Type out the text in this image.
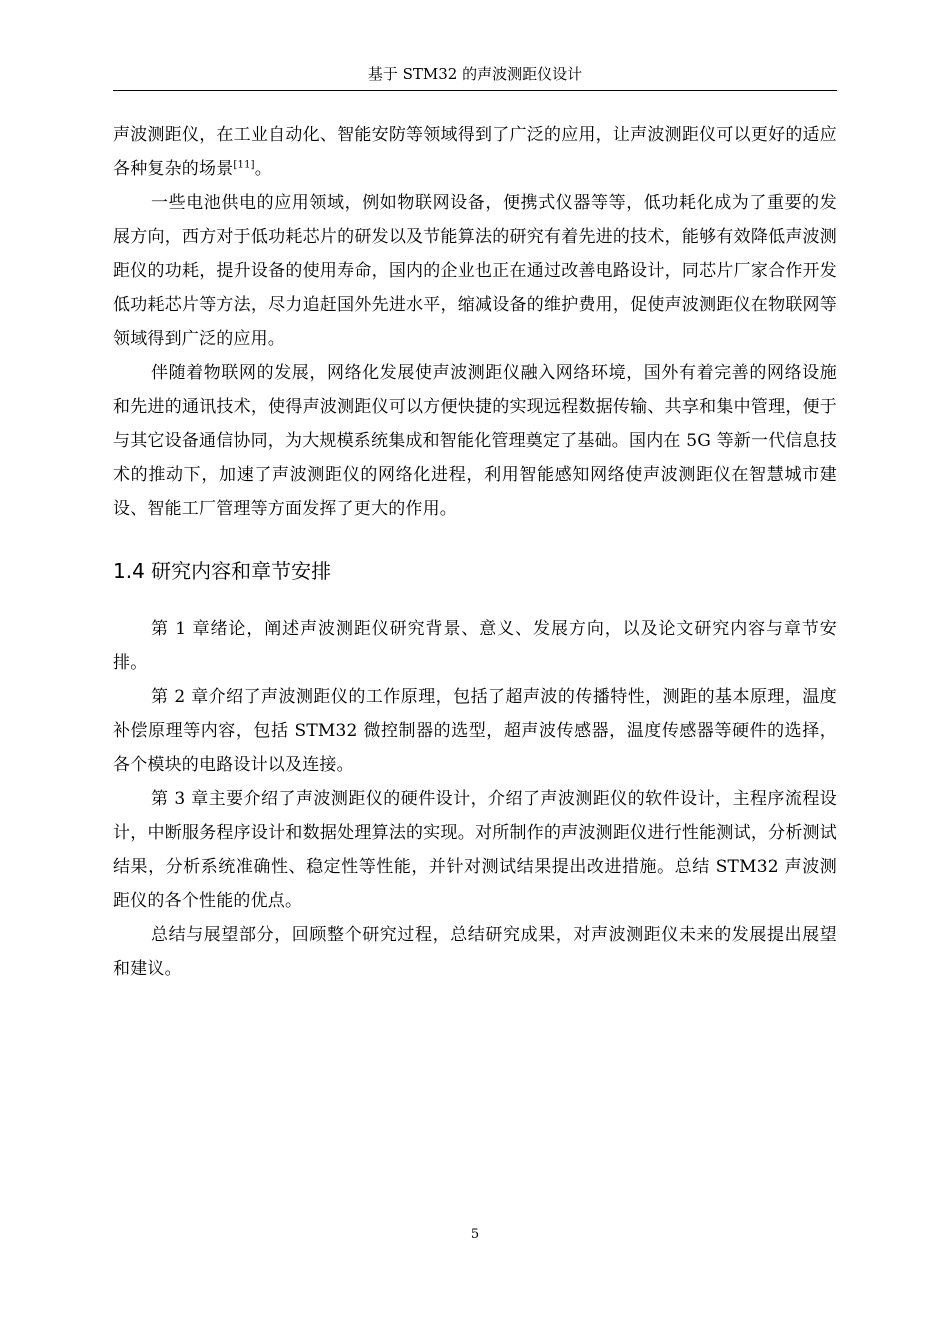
基于 STM32 的声波测距仪设计

声波测距仪，在工业自动化、智能安防等领域得到了广泛的应用，让声波测距仪可以更好的适应各种复杂的场景[11]。

一些电池供电的应用领域，例如物联网设备，便携式仪器等等，低功耗化成为了重要的发展方向，西方对于低功耗芯片的研发以及节能算法的研究有着先进的技术，能够有效降低声波测距仪的功耗，提升设备的使用寿命，国内的企业也正在通过改善电路设计，同芯片厂家合作开发低功耗芯片等方法，尽力追赶国外先进水平，缩减设备的维护费用，促使声波测距仪在物联网等领域得到广泛的应用。

伴随着物联网的发展，网络化发展使声波测距仪融入网络环境，国外有着完善的网络设施和先进的通讯技术，使得声波测距仪可以方便快捷的实现远程数据传输、共享和集中管理，便于与其它设备通信协同，为大规模系统集成和智能化管理奠定了基础。国内在 5G 等新一代信息技术的推动下，加速了声波测距仪的网络化进程，利用智能感知网络使声波测距仪在智慧城市建设、智能工厂管理等方面发挥了更大的作用。

1.4 研究内容和章节安排

第 1 章绪论，阐述声波测距仪研究背景、意义、发展方向，以及论文研究内容与章节安排。

第 2 章介绍了声波测距仪的工作原理，包括了超声波的传播特性，测距的基本原理，温度补偿原理等内容，包括 STM32 微控制器的选型，超声波传感器，温度传感器等硬件的选择，各个模块的电路设计以及连接。

第 3 章主要介绍了声波测距仪的硬件设计，介绍了声波测距仪的软件设计，主程序流程设计，中断服务程序设计和数据处理算法的实现。对所制作的声波测距仪进行性能测试，分析测试结果，分析系统准确性、稳定性等性能，并针对测试结果提出改进措施。总结 STM32 声波测距仪的各个性能的优点。

总结与展望部分，回顾整个研究过程，总结研究成果，对声波测距仪未来的发展提出展望和建议。

5
